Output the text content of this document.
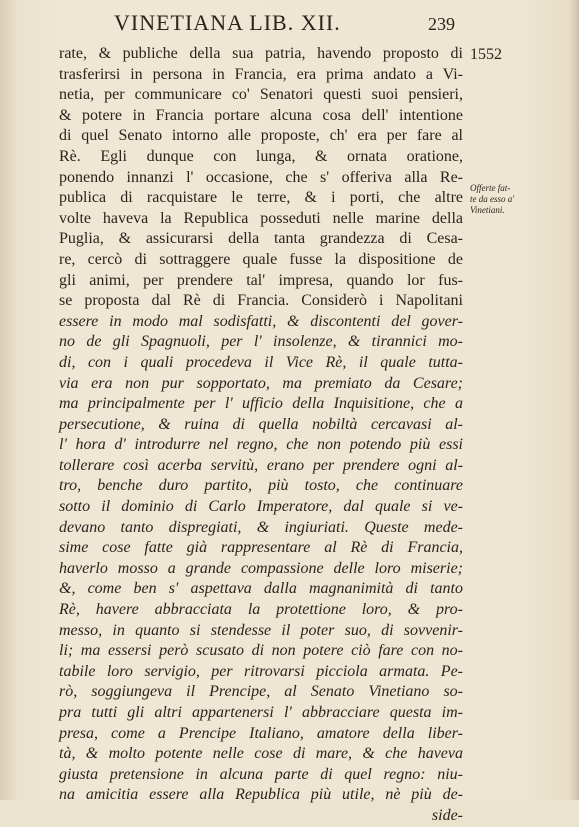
VINETIANA LIB. XII.	239
1552
Offerte fat-
te da esso a'
Vinetiani.
rate, & publiche della sua patria, havendo proposto di
trasferirsi in persona in Francia, era prima andato a Vi-
netia, per communicare co' Senatori questi suoi pensieri,
& potere in Francia portare alcuna cosa dell' intentione
di quel Senato intorno alle proposte, ch' era per fare al
Rè. Egli dunque con lunga, & ornata oratione,
ponendo innanzi l' occasione, che s' offeriva alla Re-
publica di racquistare le terre, & i porti, che altre
volte haveva la Republica posseduti nelle marine della
Puglia, & assicurarsi della tanta grandezza di Cesa-
re, cercò di sottraggere quale fusse la dispositione de
gli animi, per prendere tal' impresa, quando lor fus-
se proposta dal Rè di Francia. Considerò i Napolitani
essere in modo mal sodisfatti, & discontenti del gover-
no de gli Spagnuoli, per l' insolenze, & tirannici mo-
di, con i quali procedeva il Vice Rè, il quale tutta-
via era non pur sopportato, ma premiato da Cesare;
ma principalmente per l' ufficio della Inquisitione, che a
persecutione, & ruina di quella nobiltà cercavasi al-
l' hora d' introdurre nel regno, che non potendo più essi
tollerare così acerba servitù, erano per prendere ogni al-
tro, benche duro partito, più tosto, che continuare
sotto il dominio di Carlo Imperatore, dal quale si ve-
devano tanto dispregiati, & ingiuriati. Queste mede-
sime cose fatte già rappresentare al Rè di Francia,
haverlo mosso a grande compassione delle loro miserie;
&, come ben s' aspettava dalla magnanimità di tanto
Rè, havere abbracciata la protettione loro, & pro-
messo, in quanto si stendesse il poter suo, di sovvenir-
li; ma essersi però scusato di non potere ciò fare con no-
tabile loro servigio, per ritrovarsi picciola armata. Pe-
rò, soggiungeva il Prencipe, al Senato Vinetiano so-
pra tutti gli altri appartenersi l' abbracciare questa im-
presa, come a Prencipe Italiano, amatore della liber-
tà, & molto potente nelle cose di mare, & che haveva
giusta pretensione in alcuna parte di quel regno: niu-
na amicitia essere alla Republica più utile, nè più de-
side-
